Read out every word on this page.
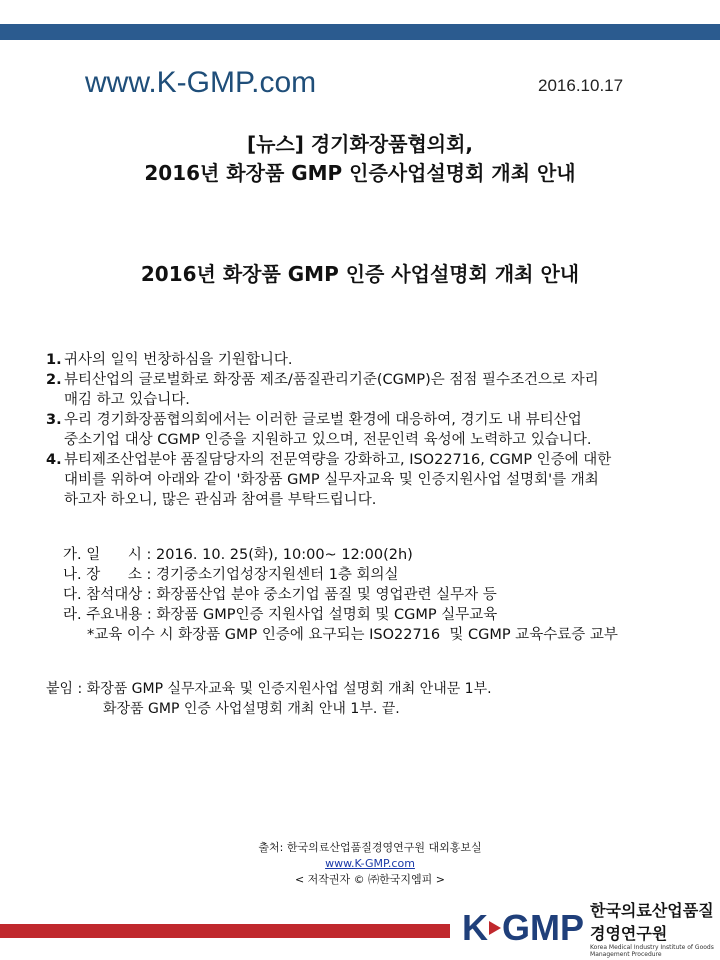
www.K-GMP.com	2016.10.17
[뉴스] 경기화장품협의회,
2016년 화장품 GMP 인증사업설명회 개최 안내
2016년 화장품 GMP 인증 사업설명회 개최 안내
1. 귀사의 일익 번창하심을 기원합니다.
2. 뷰티산업의 글로벌화로 화장품 제조/품질관리기준(CGMP)은 점점 필수조건으로 자리
매김 하고 있습니다.
3. 우리 경기화장품협의회에서는 이러한 글로벌 환경에 대응하여, 경기도 내 뷰티산업
중소기업 대상 CGMP 인증을 지원하고 있으며, 전문인력 육성에 노력하고 있습니다.
4. 뷰티제조산업분야 품질담당자의 전문역량을 강화하고, ISO22716, CGMP 인증에 대한
대비를 위하여 아래와 같이 '화장품 GMP 실무자교육 및 인증지원사업 설명회'를 개최
하고자 하오니, 많은 관심과 참여를 부탁드립니다.
가. 일      시 : 2016. 10. 25(화), 10:00~ 12:00(2h)
나. 장      소 : 경기중소기업성장지원센터 1층 회의실
다. 참석대상 : 화장품산업 분야 중소기업 품질 및 영업관련 실무자 등
라. 주요내용 : 화장품 GMP인증 지원사업 설명회 및 CGMP 실무교육
*교육 이수 시 화장품 GMP 인증에 요구되는 ISO22716  및 CGMP 교육수료증 교부
붙임 : 화장품 GMP 실무자교육 및 인증지원사업 설명회 개최 안내문 1부.
화장품 GMP 인증 사업설명회 개최 안내 1부. 끝.
출처: 한국의료산업품질경영연구원 대외홍보실
www.K-GMP.com
< 저작권자 © ㈜한국지엠피 >
K GMP 한국의료산업품질경영연구원
Korea Medical Industry Institute of Goods Management Procedure
